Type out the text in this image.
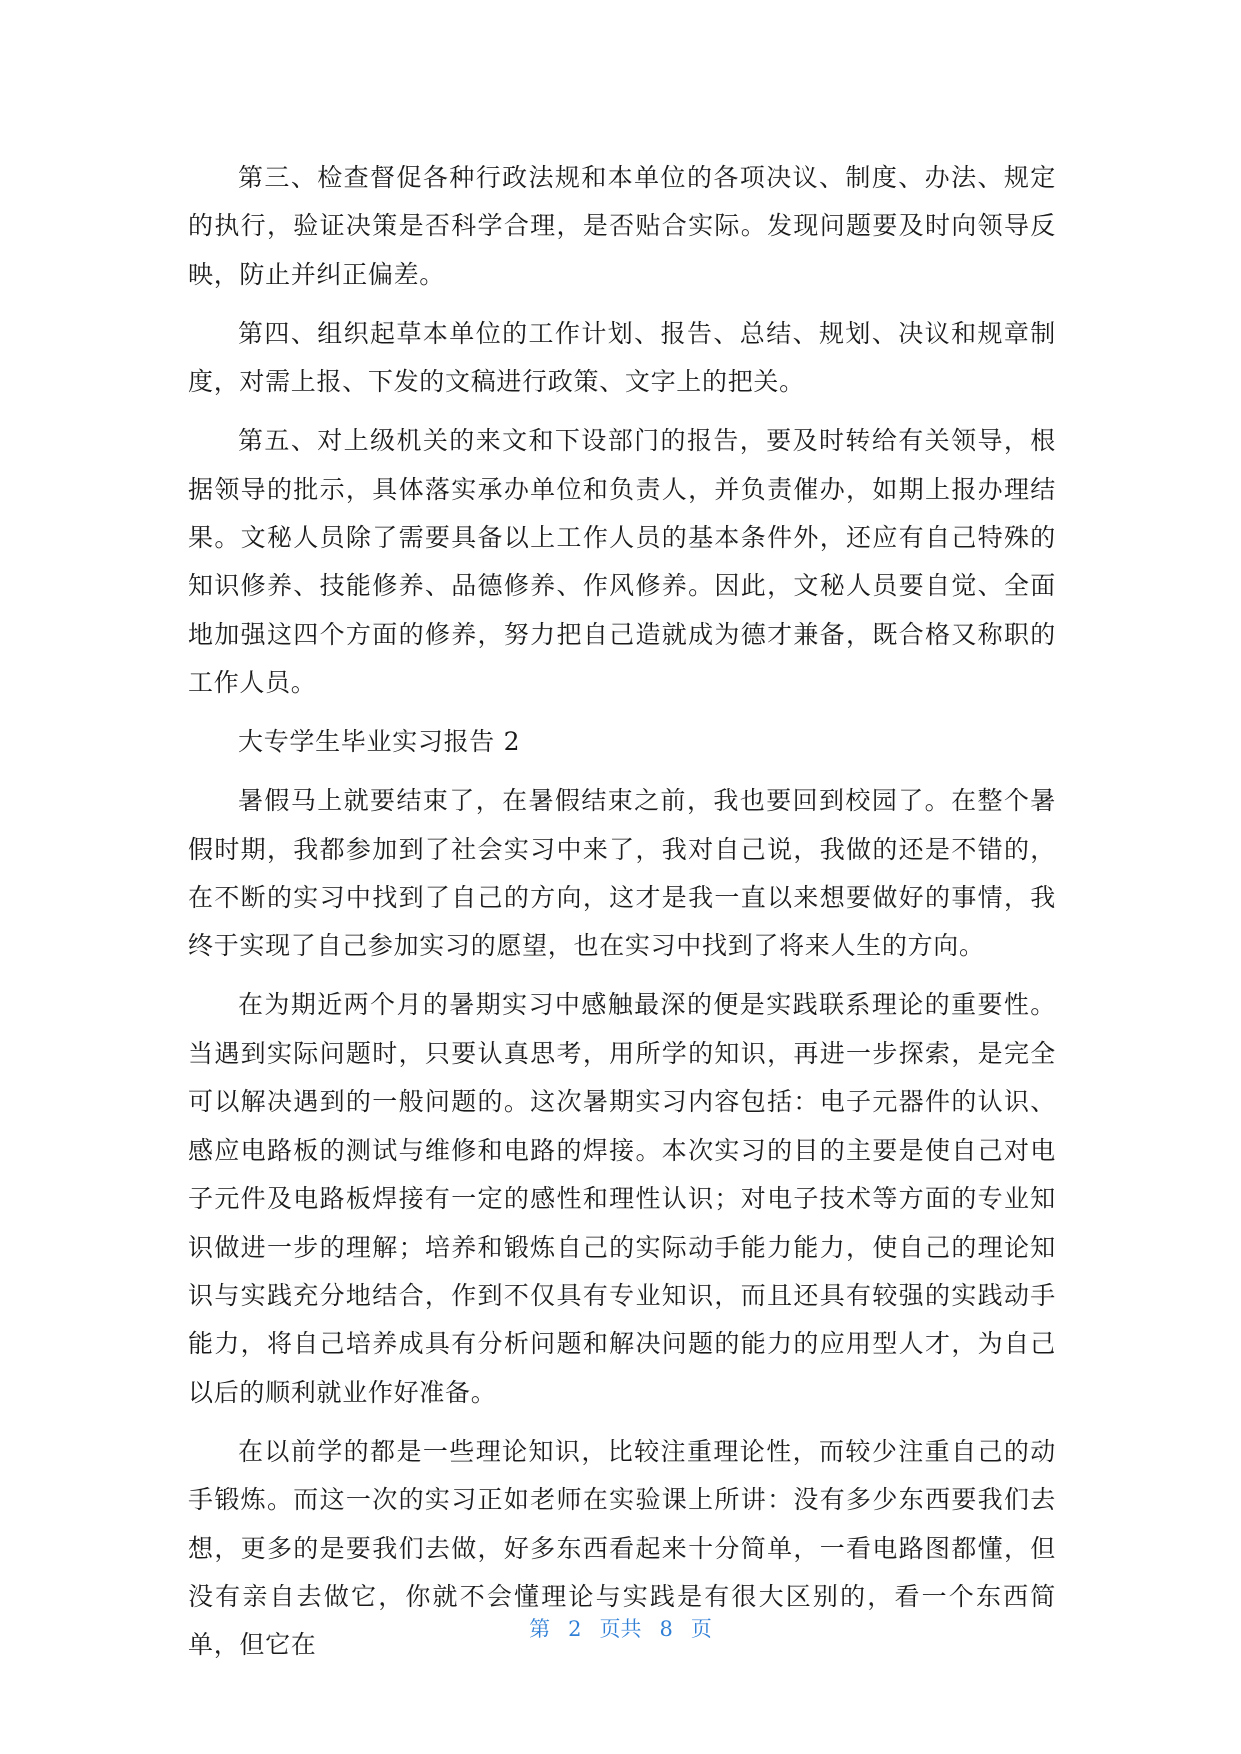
第三、检查督促各种行政法规和本单位的各项决议、制度、办法、规定的执行，验证决策是否科学合理，是否贴合实际。发现问题要及时向领导反映，防止并纠正偏差。

第四、组织起草本单位的工作计划、报告、总结、规划、决议和规章制度，对需上报、下发的文稿进行政策、文字上的把关。

第五、对上级机关的来文和下设部门的报告，要及时转给有关领导，根据领导的批示，具体落实承办单位和负责人，并负责催办，如期上报办理结果。文秘人员除了需要具备以上工作人员的基本条件外，还应有自己特殊的知识修养、技能修养、品德修养、作风修养。因此，文秘人员要自觉、全面地加强这四个方面的修养，努力把自己造就成为德才兼备，既合格又称职的工作人员。

大专学生毕业实习报告 2

暑假马上就要结束了，在暑假结束之前，我也要回到校园了。在整个暑假时期，我都参加到了社会实习中来了，我对自己说，我做的还是不错的，在不断的实习中找到了自己的方向，这才是我一直以来想要做好的事情，我终于实现了自己参加实习的愿望，也在实习中找到了将来人生的方向。

在为期近两个月的暑期实习中感触最深的便是实践联系理论的重要性。当遇到实际问题时，只要认真思考，用所学的知识，再进一步探索，是完全可以解决遇到的一般问题的。这次暑期实习内容包括：电子元器件的认识、感应电路板的测试与维修和电路的焊接。本次实习的目的主要是使自己对电子元件及电路板焊接有一定的感性和理性认识；对电子技术等方面的专业知识做进一步的理解；培养和锻炼自己的实际动手能力能力，使自己的理论知识与实践充分地结合，作到不仅具有专业知识，而且还具有较强的实践动手能力，将自己培养成具有分析问题和解决问题的能力的应用型人才，为自己以后的顺利就业作好准备。

在以前学的都是一些理论知识，比较注重理论性，而较少注重自己的动手锻炼。而这一次的实习正如老师在实验课上所讲：没有多少东西要我们去想，更多的是要我们去做，好多东西看起来十分简单，一看电路图都懂，但没有亲自去做它，你就不会懂理论与实践是有很大区别的，看一个东西简单，但它在

第 2 页共 8 页
